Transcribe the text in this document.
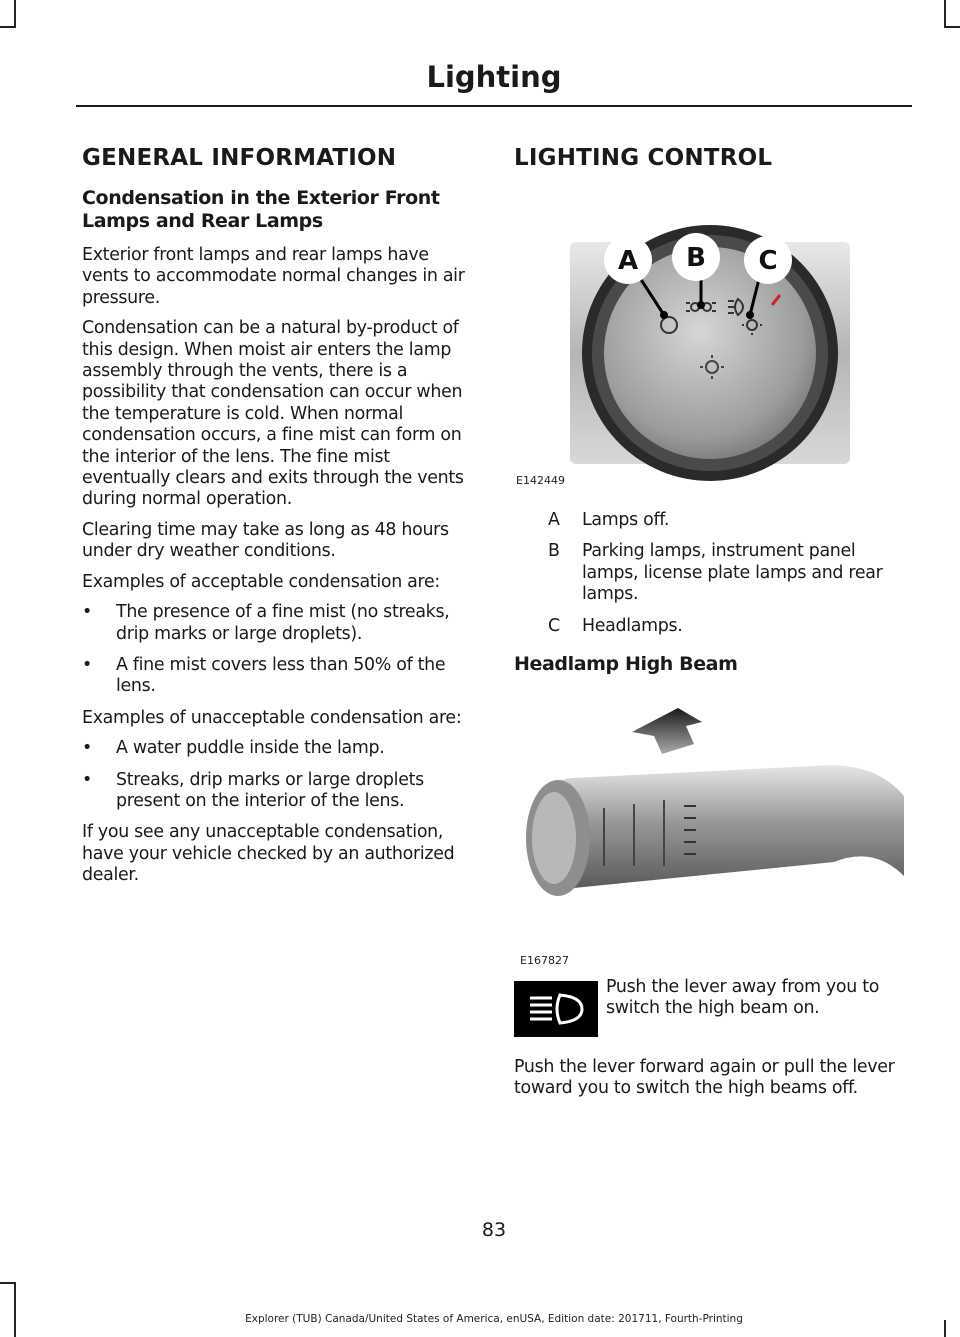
Lighting
GENERAL INFORMATION
Condensation in the Exterior Front Lamps and Rear Lamps

Exterior front lamps and rear lamps have vents to accommodate normal changes in air pressure.

Condensation can be a natural by-product of this design. When moist air enters the lamp assembly through the vents, there is a possibility that condensation can occur when the temperature is cold. When normal condensation occurs, a fine mist can form on the interior of the lens. The fine mist eventually clears and exits through the vents during normal operation.

Clearing time may take as long as 48 hours under dry weather conditions.

Examples of acceptable condensation are:

• The presence of a fine mist (no streaks, drip marks or large droplets).
• A fine mist covers less than 50% of the lens.

Examples of unacceptable condensation are:

• A water puddle inside the lamp.
• Streaks, drip marks or large droplets present on the interior of the lens.

If you see any unacceptable condensation, have your vehicle checked by an authorized dealer.

LIGHTING CONTROL
A B C
E142449
A	Lamps off.
B	Parking lamps, instrument panel lamps, license plate lamps and rear lamps.
C	Headlamps.
Headlamp High Beam
E167827

Push the lever away from you to switch the high beam on.

Push the lever forward again or pull the lever toward you to switch the high beams off.

83
Explorer (TUB) Canada/United States of America, enUSA, Edition date: 201711, Fourth-Printing
